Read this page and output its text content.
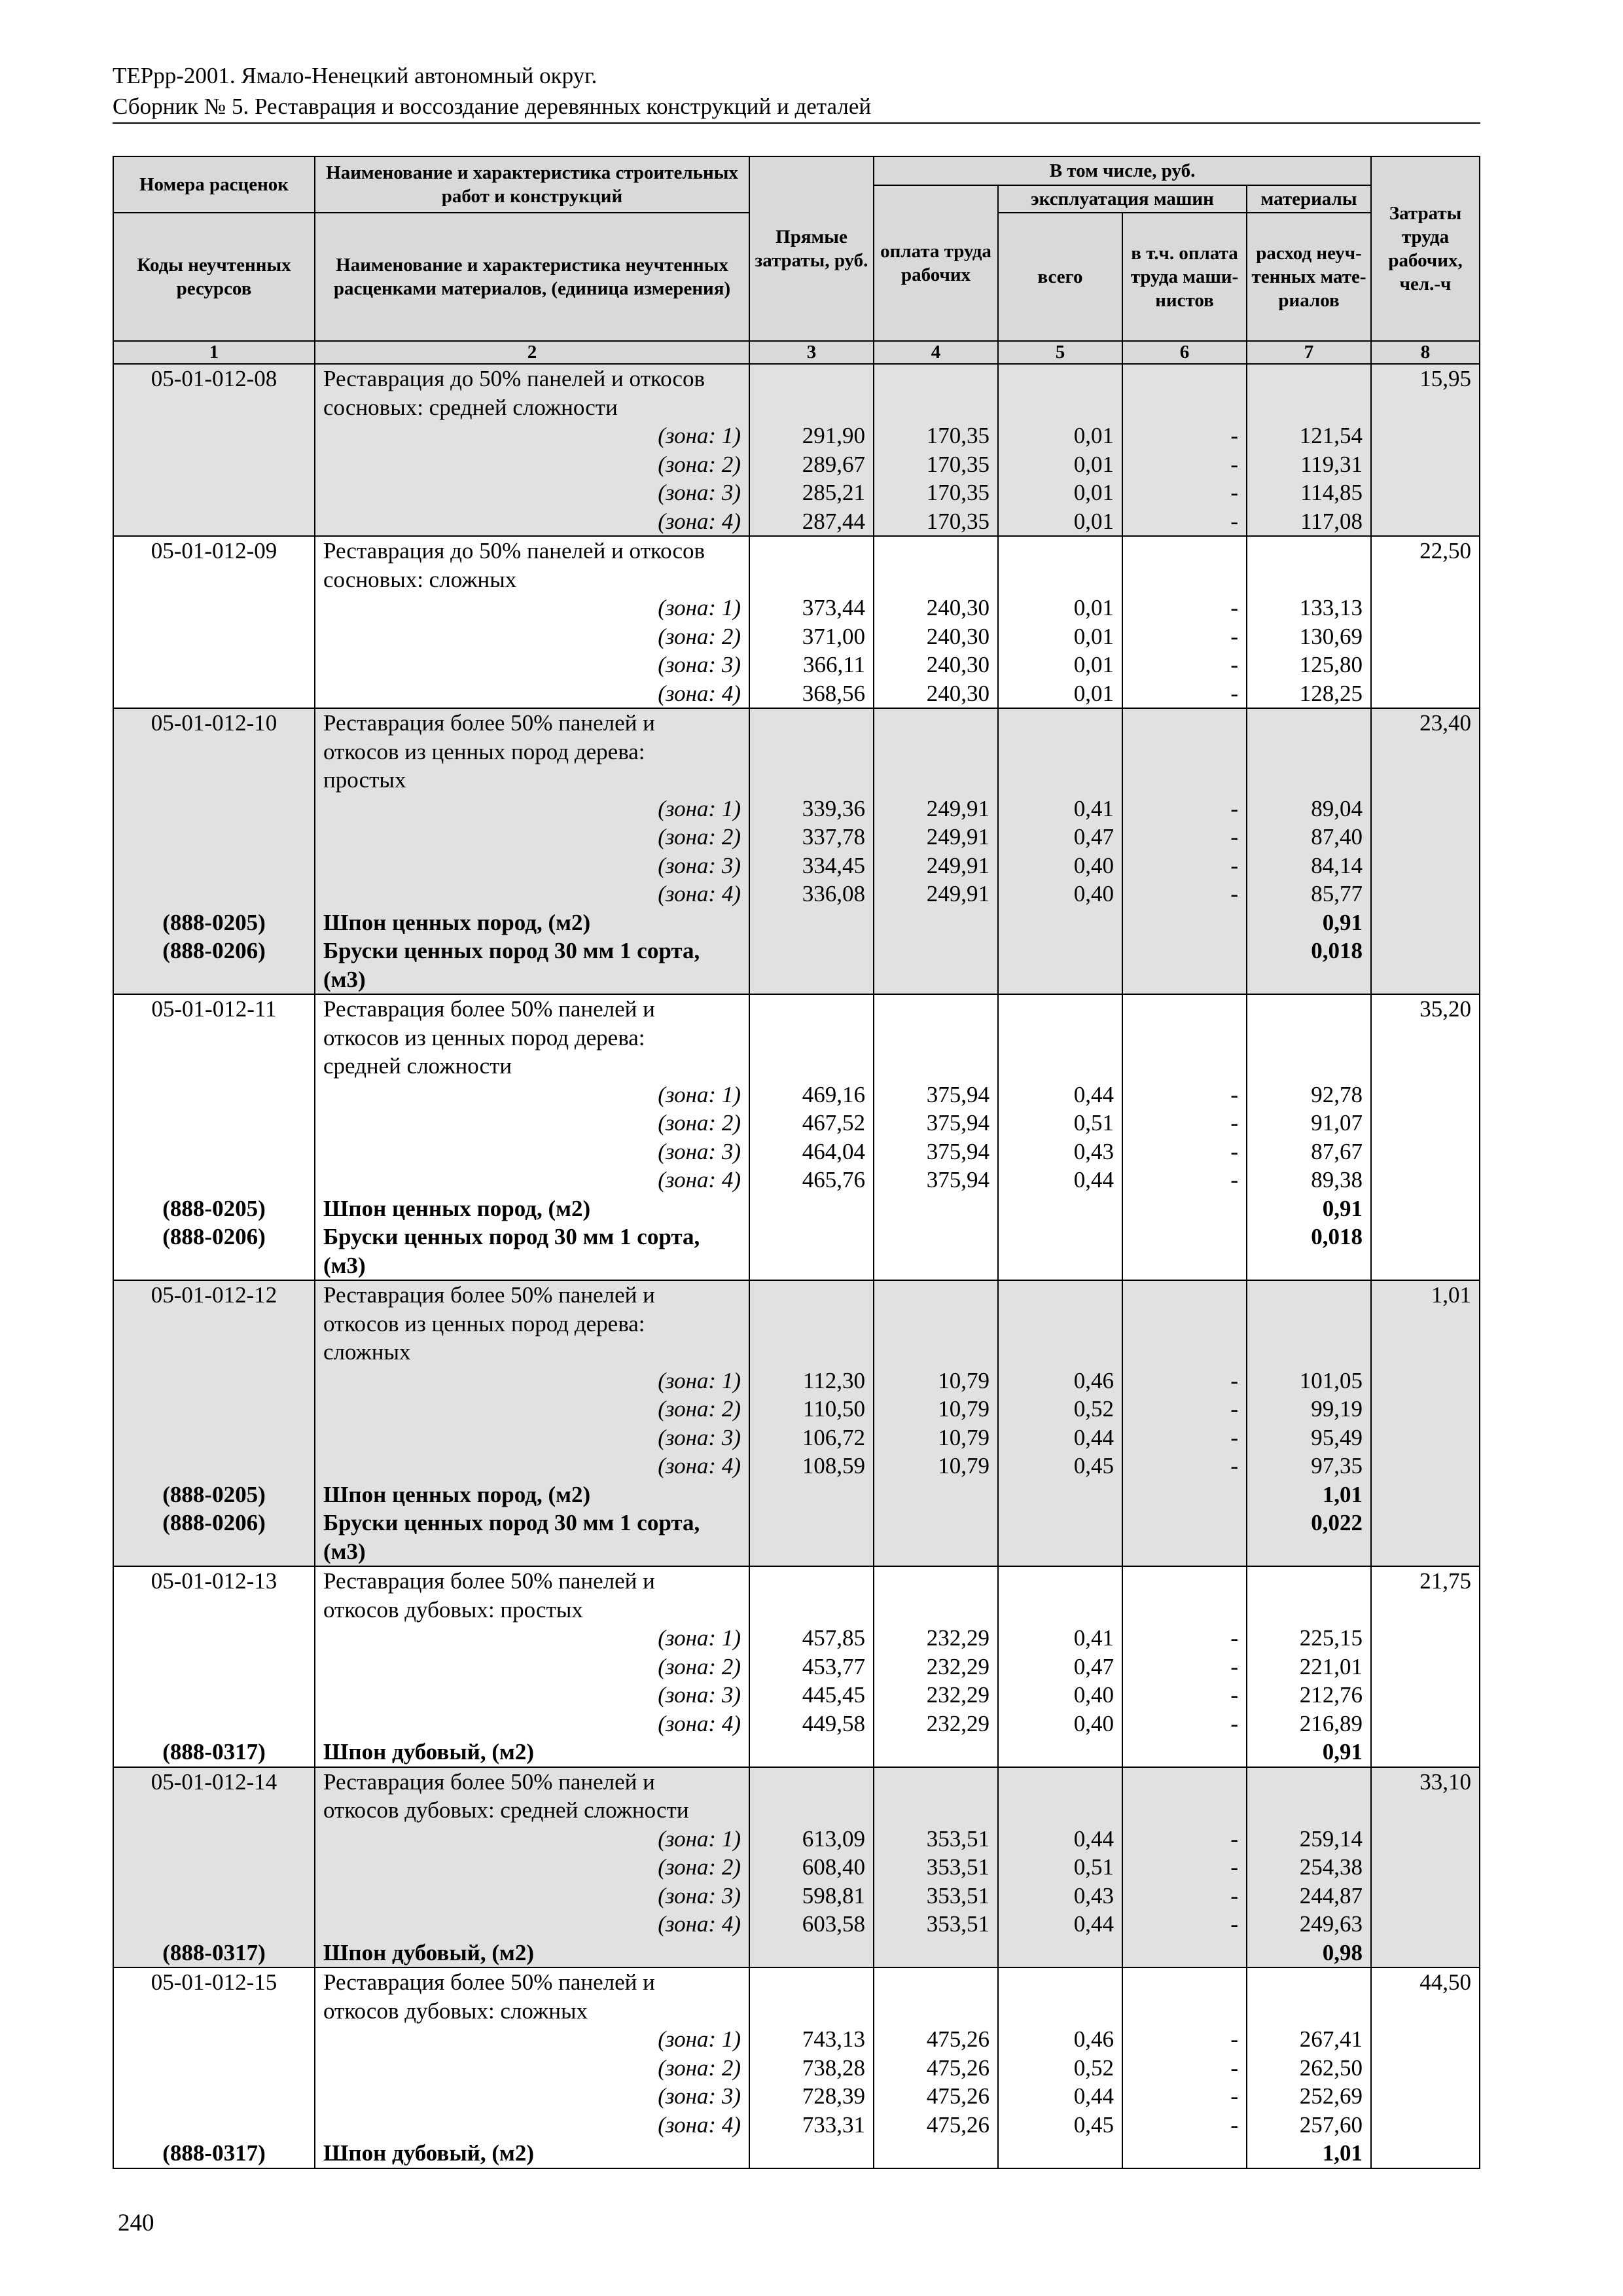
ТЕРрр-2001. Ямало-Ненецкий автономный округ.
Сборник № 5. Реставрация и воссоздание деревянных конструкций и деталей
Номера расценок	Наименование и характеристика строительных работ и конструкций	Прямые затраты, руб.	В том числе, руб.				Затраты труда рабочих, чел.-ч
			оплата труда рабочих	эксплуатация машин		материалы	
Коды неучтенных ресурсов	Наименование и характеристика неучтенных расценками материалов, (единица измерения)			всего	в т.ч. оплата труда маши-нистов	расход неуч-тенных мате-риалов	
1	2	3	4	5	6	7	8
05-01-012-08	Реставрация до 50% панелей и откосов						15,95
	сосновых: средней сложности						
	(зона: 1)	291,90	170,35	0,01	-	121,54	
	(зона: 2)	289,67	170,35	0,01	-	119,31	
	(зона: 3)	285,21	170,35	0,01	-	114,85	
	(зона: 4)	287,44	170,35	0,01	-	117,08	
05-01-012-09	Реставрация до 50% панелей и откосов						22,50
	сосновых: сложных						
	(зона: 1)	373,44	240,30	0,01	-	133,13	
	(зона: 2)	371,00	240,30	0,01	-	130,69	
	(зона: 3)	366,11	240,30	0,01	-	125,80	
	(зона: 4)	368,56	240,30	0,01	-	128,25	
05-01-012-10	Реставрация более 50% панелей и						23,40
	откосов из ценных пород дерева:						
	простых						
	(зона: 1)	339,36	249,91	0,41	-	89,04	
	(зона: 2)	337,78	249,91	0,47	-	87,40	
	(зона: 3)	334,45	249,91	0,40	-	84,14	
	(зона: 4)	336,08	249,91	0,40	-	85,77	
(888-0205)	Шпон ценных пород, (м2)					0,91	
(888-0206)	Бруски ценных пород 30 мм 1 сорта,					0,018	
	(м3)						
05-01-012-11	Реставрация более 50% панелей и						35,20
	откосов из ценных пород дерева:						
	средней сложности						
	(зона: 1)	469,16	375,94	0,44	-	92,78	
	(зона: 2)	467,52	375,94	0,51	-	91,07	
	(зона: 3)	464,04	375,94	0,43	-	87,67	
	(зона: 4)	465,76	375,94	0,44	-	89,38	
(888-0205)	Шпон ценных пород, (м2)					0,91	
(888-0206)	Бруски ценных пород 30 мм 1 сорта,					0,018	
	(м3)						
05-01-012-12	Реставрация более 50% панелей и						1,01
	откосов из ценных пород дерева:						
	сложных						
	(зона: 1)	112,30	10,79	0,46	-	101,05	
	(зона: 2)	110,50	10,79	0,52	-	99,19	
	(зона: 3)	106,72	10,79	0,44	-	95,49	
	(зона: 4)	108,59	10,79	0,45	-	97,35	
(888-0205)	Шпон ценных пород, (м2)					1,01	
(888-0206)	Бруски ценных пород 30 мм 1 сорта,					0,022	
	(м3)						
05-01-012-13	Реставрация более 50% панелей и						21,75
	откосов дубовых: простых						
	(зона: 1)	457,85	232,29	0,41	-	225,15	
	(зона: 2)	453,77	232,29	0,47	-	221,01	
	(зона: 3)	445,45	232,29	0,40	-	212,76	
	(зона: 4)	449,58	232,29	0,40	-	216,89	
(888-0317)	Шпон дубовый, (м2)					0,91	
05-01-012-14	Реставрация более 50% панелей и						33,10
	откосов дубовых: средней сложности						
	(зона: 1)	613,09	353,51	0,44	-	259,14	
	(зона: 2)	608,40	353,51	0,51	-	254,38	
	(зона: 3)	598,81	353,51	0,43	-	244,87	
	(зона: 4)	603,58	353,51	0,44	-	249,63	
(888-0317)	Шпон дубовый, (м2)					0,98	
05-01-012-15	Реставрация более 50% панелей и						44,50
	откосов дубовых: сложных						
	(зона: 1)	743,13	475,26	0,46	-	267,41	
	(зона: 2)	738,28	475,26	0,52	-	262,50	
	(зона: 3)	728,39	475,26	0,44	-	252,69	
	(зона: 4)	733,31	475,26	0,45	-	257,60	
(888-0317)	Шпон дубовый, (м2)					1,01	
240
